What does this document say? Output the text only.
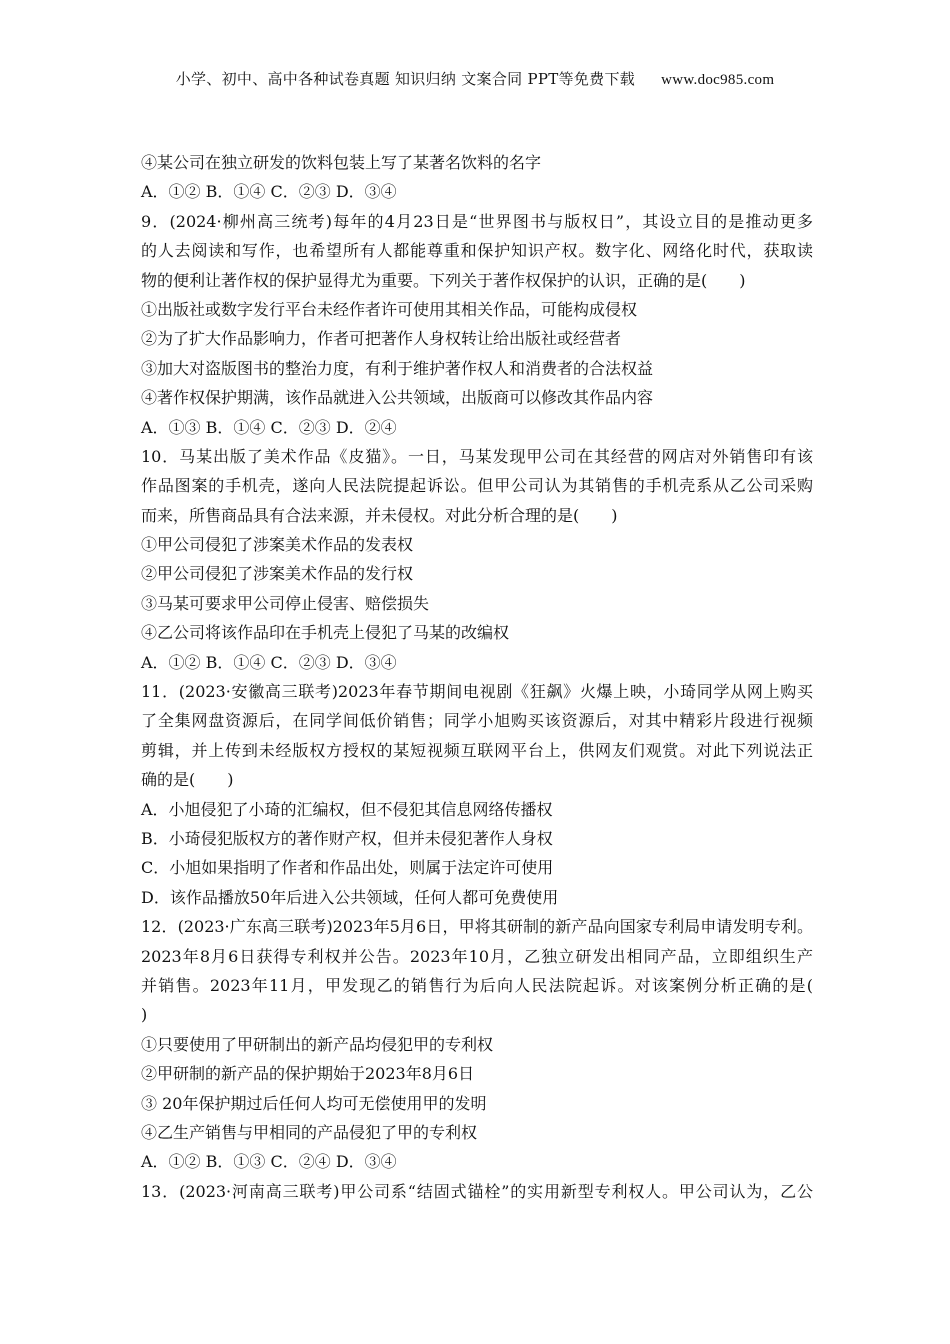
小学、初中、高中各种试卷真题 知识归纳 文案合同 PPT等免费下载 www.doc985.com
④某公司在独立研发的饮料包装上写了某著名饮料的名字
A．①② B．①④ C．②③ D．③④
9．(2024·柳州高三统考)每年的4月23日是“世界图书与版权日”，其设立目的是推动更多
的人去阅读和写作，也希望所有人都能尊重和保护知识产权。数字化、网络化时代，获取读
物的便利让著作权的保护显得尤为重要。下列关于著作权保护的认识，正确的是(　　)
①出版社或数字发行平台未经作者许可使用其相关作品，可能构成侵权
②为了扩大作品影响力，作者可把著作人身权转让给出版社或经营者
③加大对盗版图书的整治力度，有利于维护著作权人和消费者的合法权益
④著作权保护期满，该作品就进入公共领域，出版商可以修改其作品内容
A．①③ B．①④ C．②③ D．②④
10．马某出版了美术作品《皮猫》。一日，马某发现甲公司在其经营的网店对外销售印有该
作品图案的手机壳，遂向人民法院提起诉讼。但甲公司认为其销售的手机壳系从乙公司采购
而来，所售商品具有合法来源，并未侵权。对此分析合理的是(　　)
①甲公司侵犯了涉案美术作品的发表权
②甲公司侵犯了涉案美术作品的发行权
③马某可要求甲公司停止侵害、赔偿损失
④乙公司将该作品印在手机壳上侵犯了马某的改编权
A．①② B．①④ C．②③ D．③④
11．(2023·安徽高三联考)2023年春节期间电视剧《狂飙》火爆上映，小琦同学从网上购买
了全集网盘资源后，在同学间低价销售；同学小旭购买该资源后，对其中精彩片段进行视频
剪辑，并上传到未经版权方授权的某短视频互联网平台上，供网友们观赏。对此下列说法正
确的是(　　)
A．小旭侵犯了小琦的汇编权，但不侵犯其信息网络传播权
B．小琦侵犯版权方的著作财产权，但并未侵犯著作人身权
C．小旭如果指明了作者和作品出处，则属于法定许可使用
D．该作品播放50年后进入公共领域，任何人都可免费使用
12．(2023·广东高三联考)2023年5月6日，甲将其研制的新产品向国家专利局申请发明专利。
2023年8月6日获得专利权并公告。2023年10月，乙独立研发出相同产品，立即组织生产
并销售。2023年11月，甲发现乙的销售行为后向人民法院起诉。对该案例分析正确的是(
)
①只要使用了甲研制出的新产品均侵犯甲的专利权
②甲研制的新产品的保护期始于2023年8月6日
③ 20年保护期过后任何人均可无偿使用甲的发明
④乙生产销售与甲相同的产品侵犯了甲的专利权
A．①② B．①③ C．②④ D．③④
13．(2023·河南高三联考)甲公司系“结固式锚栓”的实用新型专利权人。甲公司认为，乙公
